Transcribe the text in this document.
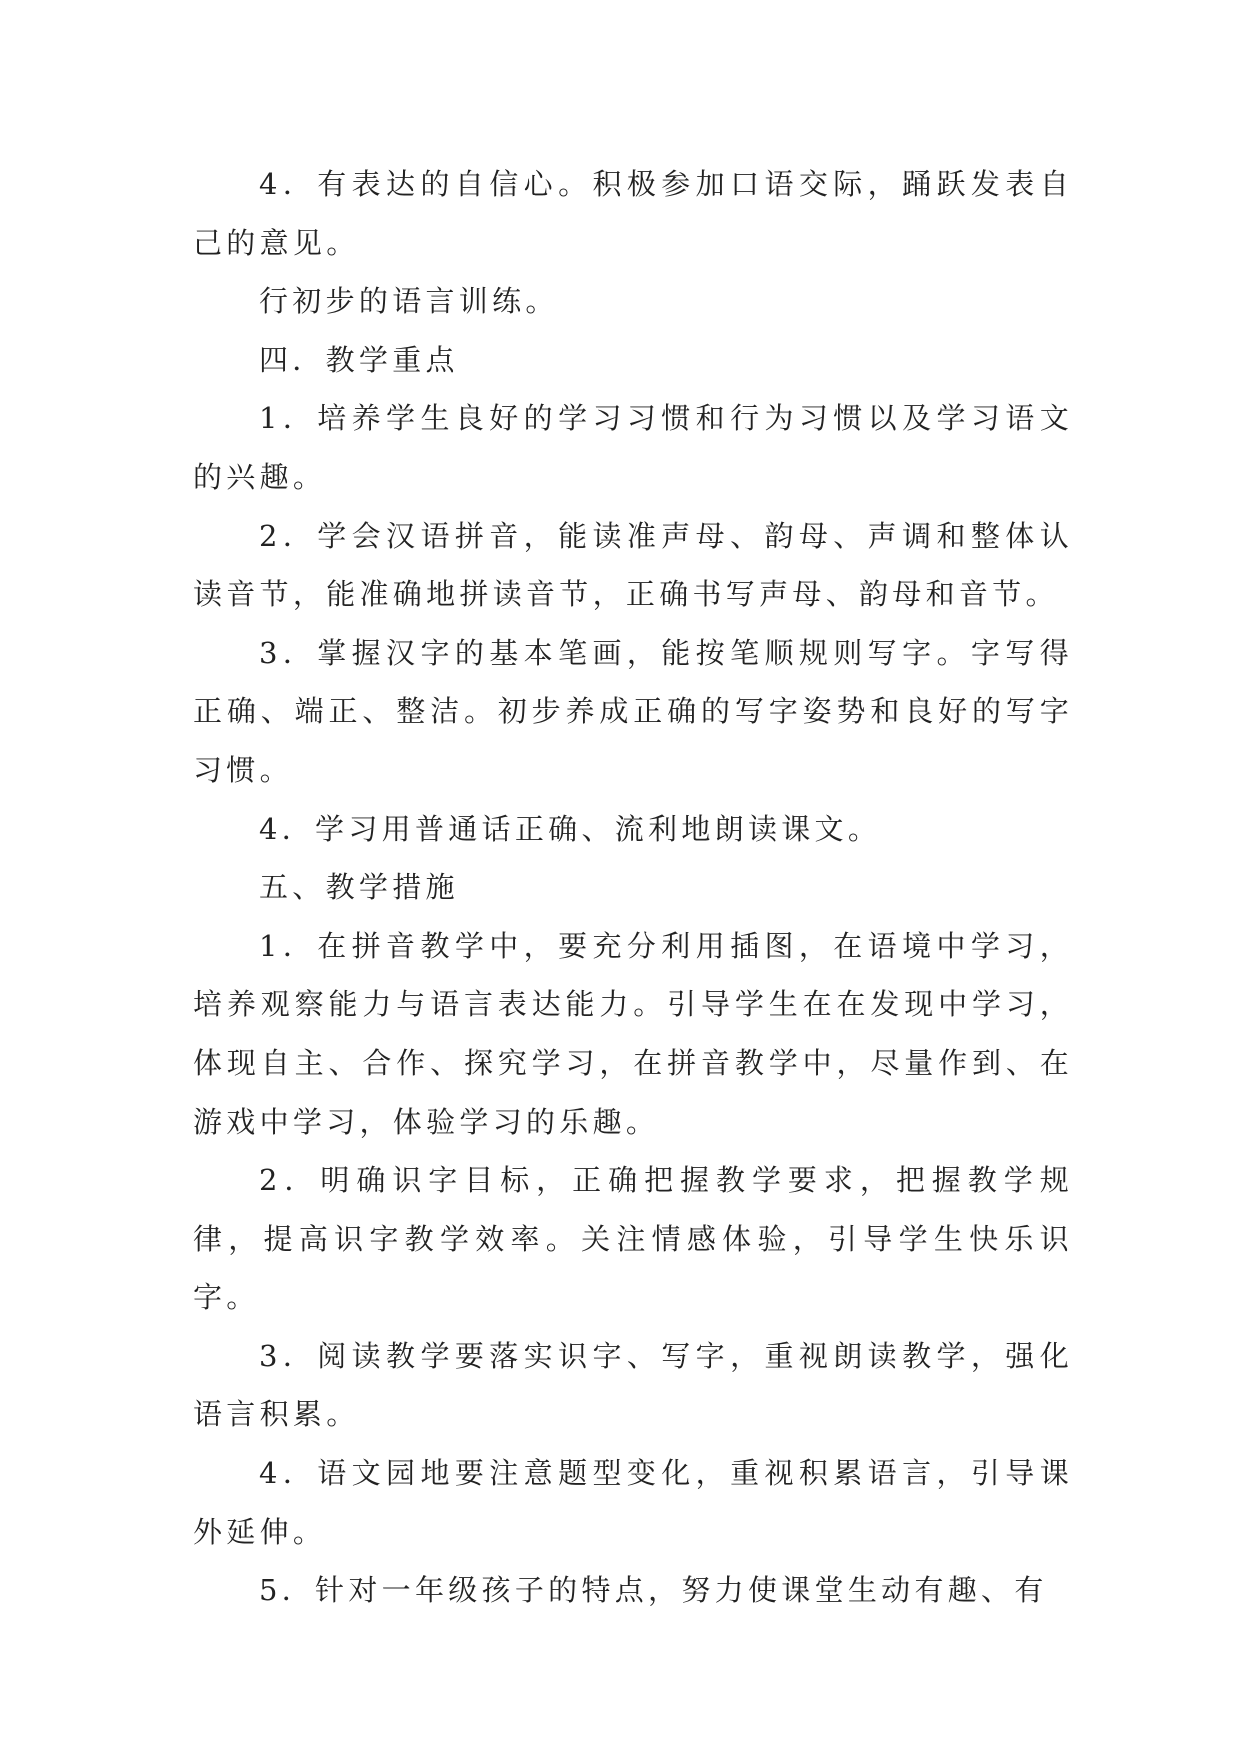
4．有表达的自信心。积极参加口语交际，踊跃发表自己的意见。

行初步的语言训练。

四．教学重点

1．培养学生良好的学习习惯和行为习惯以及学习语文的兴趣。

2．学会汉语拼音，能读准声母、韵母、声调和整体认读音节，能准确地拼读音节，正确书写声母、韵母和音节。

3．掌握汉字的基本笔画，能按笔顺规则写字。字写得正确、端正、整洁。初步养成正确的写字姿势和良好的写字习惯。

4．学习用普通话正确、流利地朗读课文。

五、教学措施

1．在拼音教学中，要充分利用插图，在语境中学习，培养观察能力与语言表达能力。引导学生在在发现中学习，体现自主、合作、探究学习，在拼音教学中，尽量作到、在游戏中学习，体验学习的乐趣。

2．明确识字目标，正确把握教学要求，把握教学规律，提高识字教学效率。关注情感体验，引导学生快乐识字。

3．阅读教学要落实识字、写字，重视朗读教学，强化语言积累。

4．语文园地要注意题型变化，重视积累语言，引导课外延伸。

5．针对一年级孩子的特点，努力使课堂生动有趣、有
